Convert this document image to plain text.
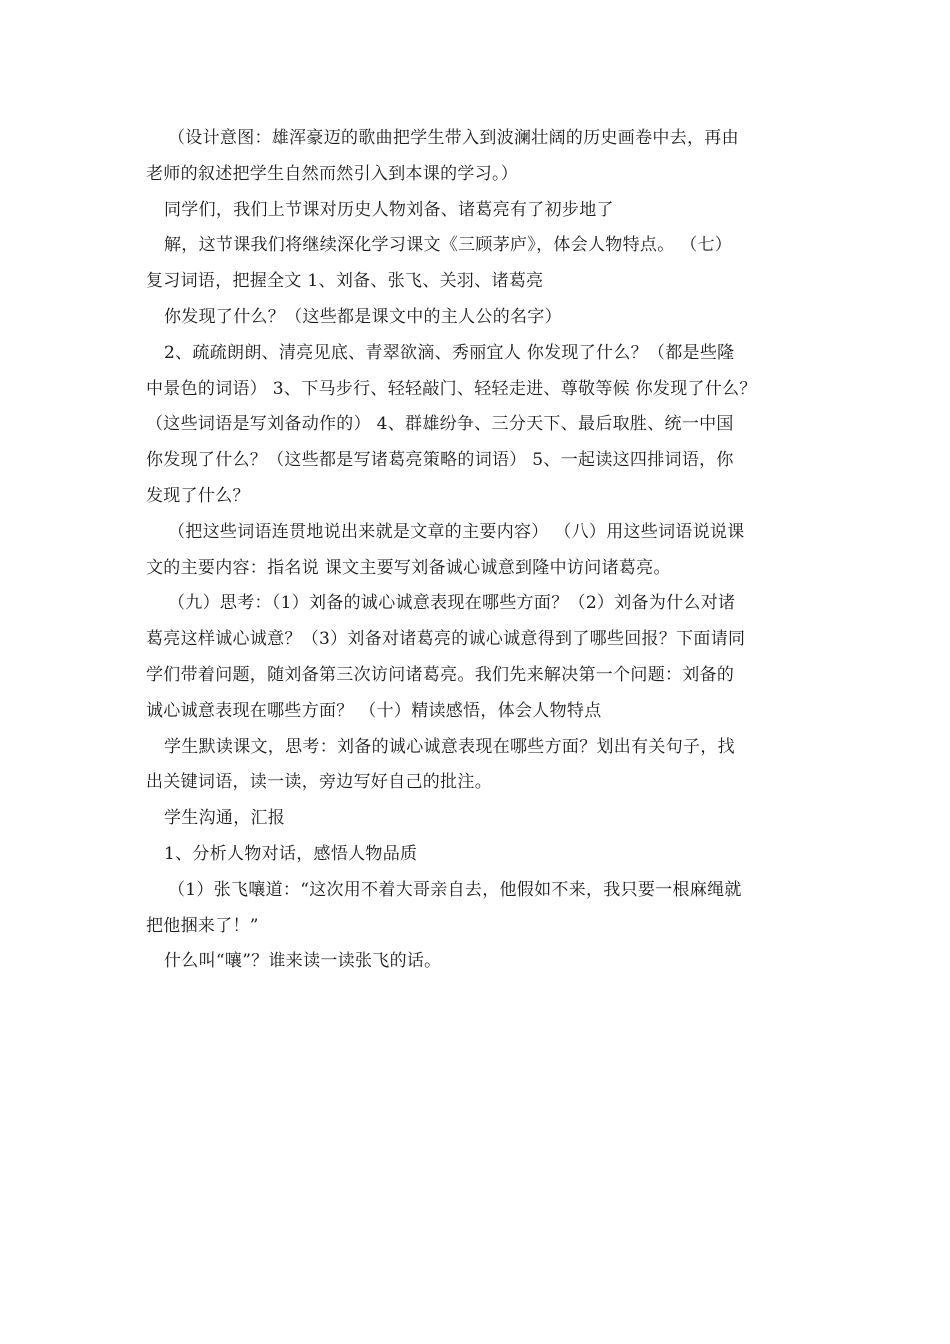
（设计意图：雄浑豪迈的歌曲把学生带入到波澜壮阔的历史画卷中去，再由
老师的叙述把学生自然而然引入到本课的学习。）
同学们，我们上节课对历史人物刘备、诸葛亮有了初步地了
解，这节课我们将继续深化学习课文《三顾茅庐》，体会人物特点。 （七）
复习词语，把握全文 1、刘备、张飞、关羽、诸葛亮
你发现了什么？（这些都是课文中的主人公的名字）
2、疏疏朗朗、清亮见底、青翠欲滴、秀丽宜人 你发现了什么？（都是些隆
中景色的词语） 3、下马步行、轻轻敲门、轻轻走进、尊敬等候 你发现了什么？
（这些词语是写刘备动作的） 4、群雄纷争、三分天下、最后取胜、统一中国
你发现了什么？（这些都是写诸葛亮策略的词语） 5、一起读这四排词语，你
发现了什么？
（把这些词语连贯地说出来就是文章的主要内容） （八）用这些词语说说课
文的主要内容：指名说 课文主要写刘备诚心诚意到隆中访问诸葛亮。
（九）思考：（1）刘备的诚心诚意表现在哪些方面？（2）刘备为什么对诸
葛亮这样诚心诚意？（3）刘备对诸葛亮的诚心诚意得到了哪些回报？下面请同
学们带着问题，随刘备第三次访问诸葛亮。我们先来解决第一个问题：刘备的
诚心诚意表现在哪些方面？ （十）精读感悟，体会人物特点
学生默读课文，思考：刘备的诚心诚意表现在哪些方面？划出有关句子，找
出关键词语，读一读，旁边写好自己的批注。
学生沟通，汇报
1、分析人物对话，感悟人物品质
（1）张飞嚷道：“这次用不着大哥亲自去，他假如不来，我只要一根麻绳就
把他捆来了！”
什么叫“嚷”？谁来读一读张飞的话。
